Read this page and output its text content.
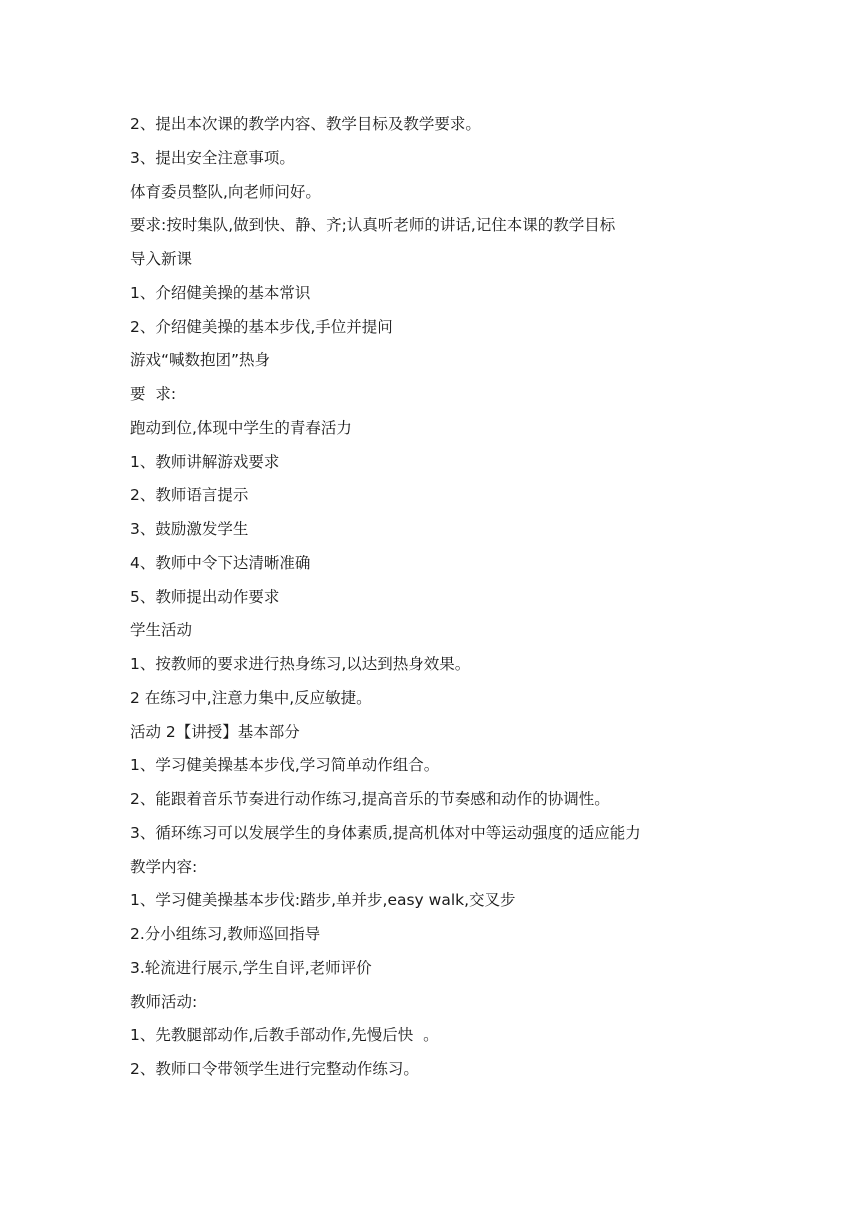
2、提出本次课的教学内容、教学目标及教学要求。
3、提出安全注意事项。
体育委员整队,向老师问好。
要求:按时集队,做到快、静、齐;认真听老师的讲话,记住本课的教学目标
导入新课
1、介绍健美操的基本常识
2、介绍健美操的基本步伐,手位并提问
游戏“喊数抱团”热身
要  求:
跑动到位,体现中学生的青春活力
1、教师讲解游戏要求
2、教师语言提示
3、鼓励激发学生
4、教师中令下达清晰准确
5、教师提出动作要求
学生活动
1、按教师的要求进行热身练习,以达到热身效果。
2 在练习中,注意力集中,反应敏捷。
活动 2【讲授】基本部分
1、学习健美操基本步伐,学习简单动作组合。
2、能跟着音乐节奏进行动作练习,提高音乐的节奏感和动作的协调性。
3、循环练习可以发展学生的身体素质,提高机体对中等运动强度的适应能力
教学内容:
1、学习健美操基本步伐:踏步,单并步,easy walk,交叉步
2.分小组练习,教师巡回指导
3.轮流进行展示,学生自评,老师评价
教师活动:
1、先教腿部动作,后教手部动作,先慢后快  。
2、教师口令带领学生进行完整动作练习。
